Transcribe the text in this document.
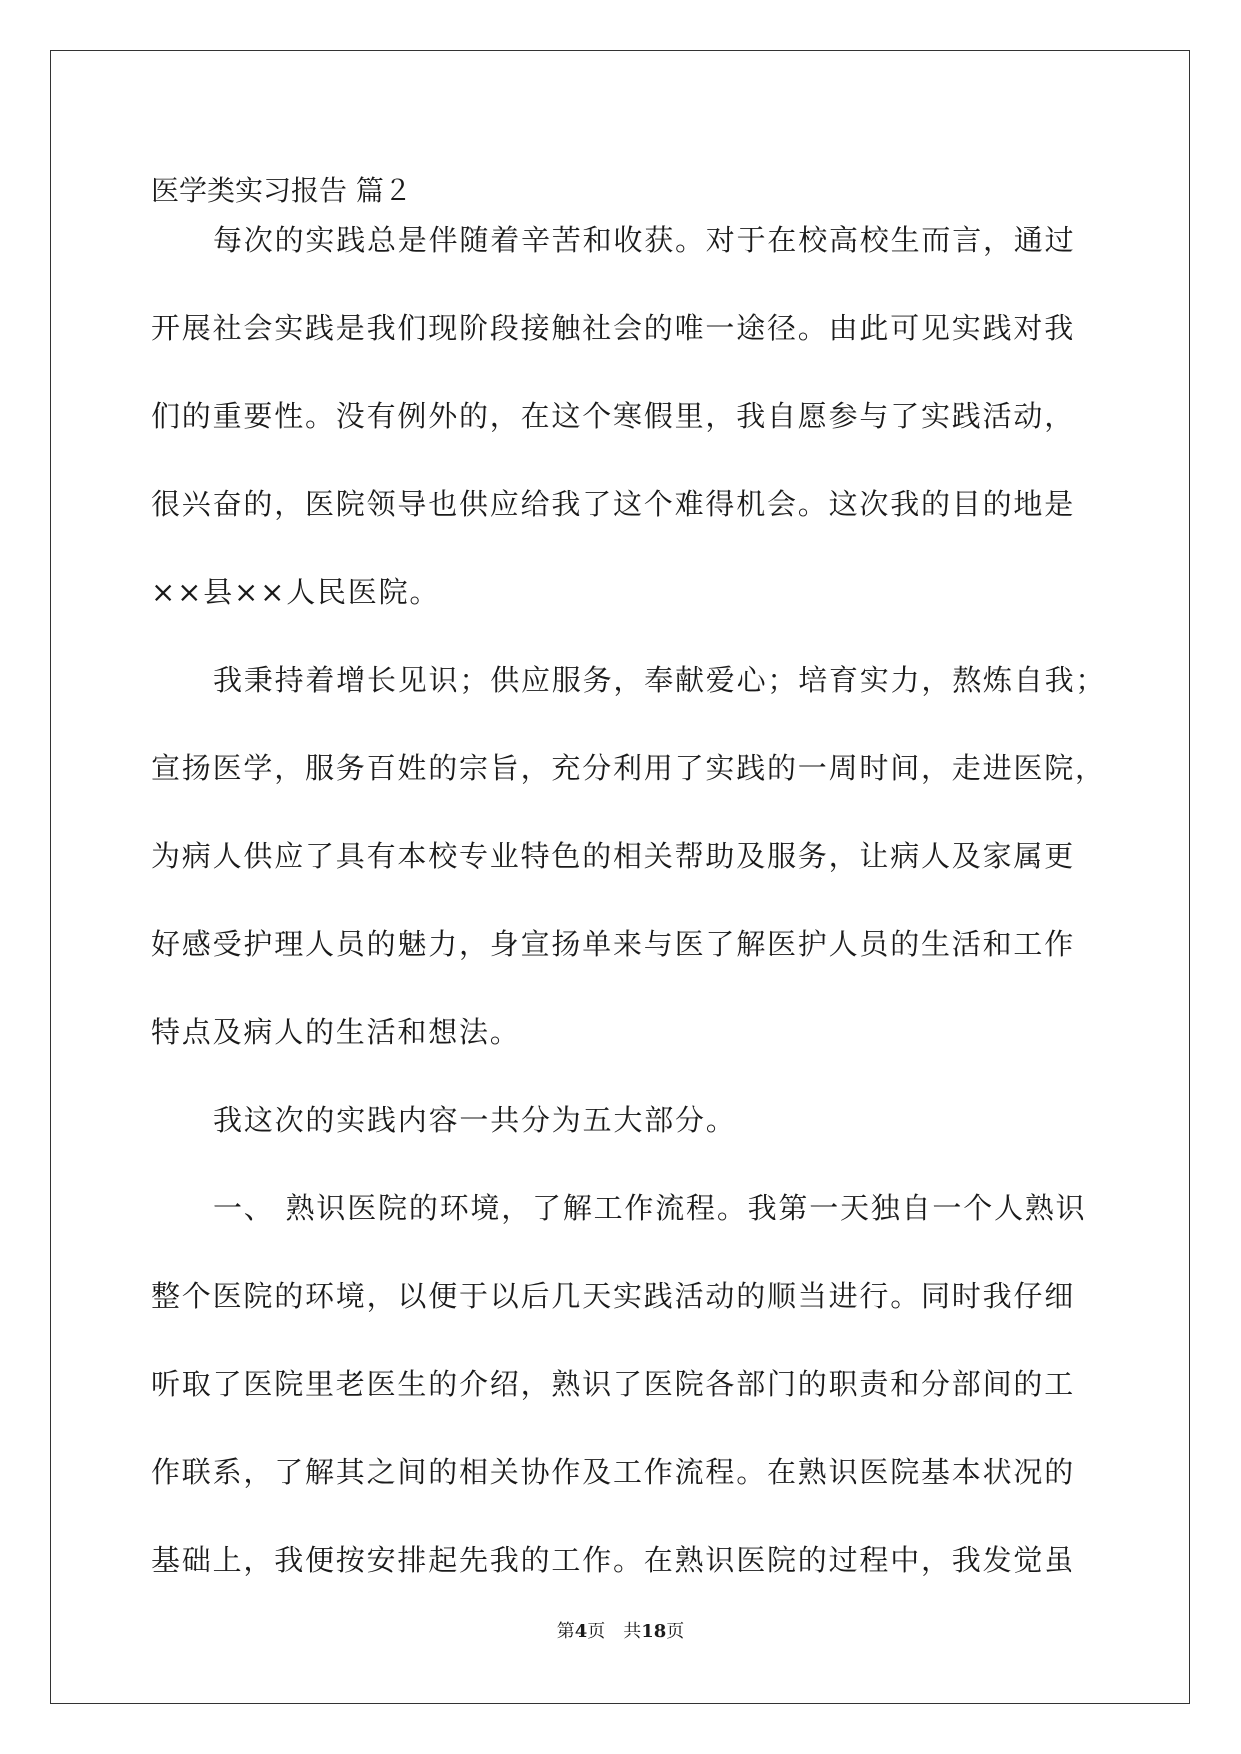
医学类实习报告 篇２
每次的实践总是伴随着辛苦和收获。对于在校高校生而言，通过
开展社会实践是我们现阶段接触社会的唯一途径。由此可见实践对我
们的重要性。没有例外的，在这个寒假里，我自愿参与了实践活动，
很兴奋的，医院领导也供应给我了这个难得机会。这次我的目的地是
××县××人民医院。
我秉持着增长见识；供应服务，奉献爱心；培育实力，熬炼自我；
宣扬医学，服务百姓的宗旨，充分利用了实践的一周时间，走进医院，
为病人供应了具有本校专业特色的相关帮助及服务，让病人及家属更
好感受护理人员的魅力，身宣扬单来与医了解医护人员的生活和工作
特点及病人的生活和想法。
我这次的实践内容一共分为五大部分。
一、 熟识医院的环境，了解工作流程。我第一天独自一个人熟识
整个医院的环境，以便于以后几天实践活动的顺当进行。同时我仔细
听取了医院里老医生的介绍，熟识了医院各部门的职责和分部间的工
作联系，了解其之间的相关协作及工作流程。在熟识医院基本状况的
基础上，我便按安排起先我的工作。在熟识医院的过程中，我发觉虽
第4页　共18页
